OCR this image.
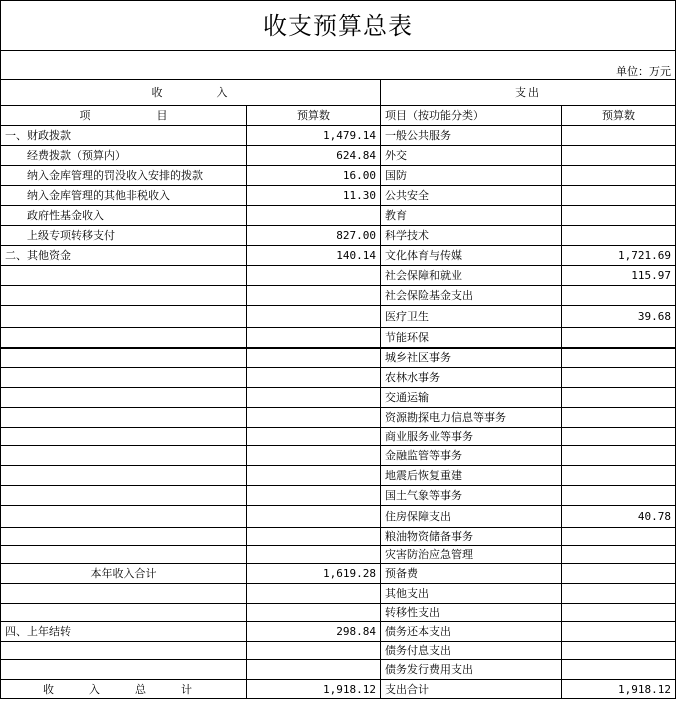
收支预算总表			

单位：万元			
收　　　　入		支出	
项　　　　　　目	预算数	项目（按功能分类）	预算数
一、财政拨款	1,479.14	一般公共服务	
经费拨款（预算内）	624.84	外交	
纳入金库管理的罚没收入安排的拨款	16.00	国防	
纳入金库管理的其他非税收入	11.30	公共安全	
政府性基金收入		教育	
上级专项转移支付	827.00	科学技术	
二、其他资金	140.14	文化体育与传媒	1,721.69
		社会保障和就业	115.97
		社会保险基金支出	
		医疗卫生	39.68
		节能环保	
		城乡社区事务	
		农林水事务	
		交通运输	
		资源勘探电力信息等事务	
		商业服务业等事务	
		金融监管等事务	
		地震后恢复重建	
		国土气象等事务	
		住房保障支出	40.78
		粮油物资储备事务	
		灾害防治应急管理	
本年收入合计	1,619.28	预备费	
		其他支出	
		转移性支出	
四、上年结转	298.84	债务还本支出	
		债务付息支出	
		债务发行费用支出	
收　入　总　计	1,918.12	支出合计	1,918.12
